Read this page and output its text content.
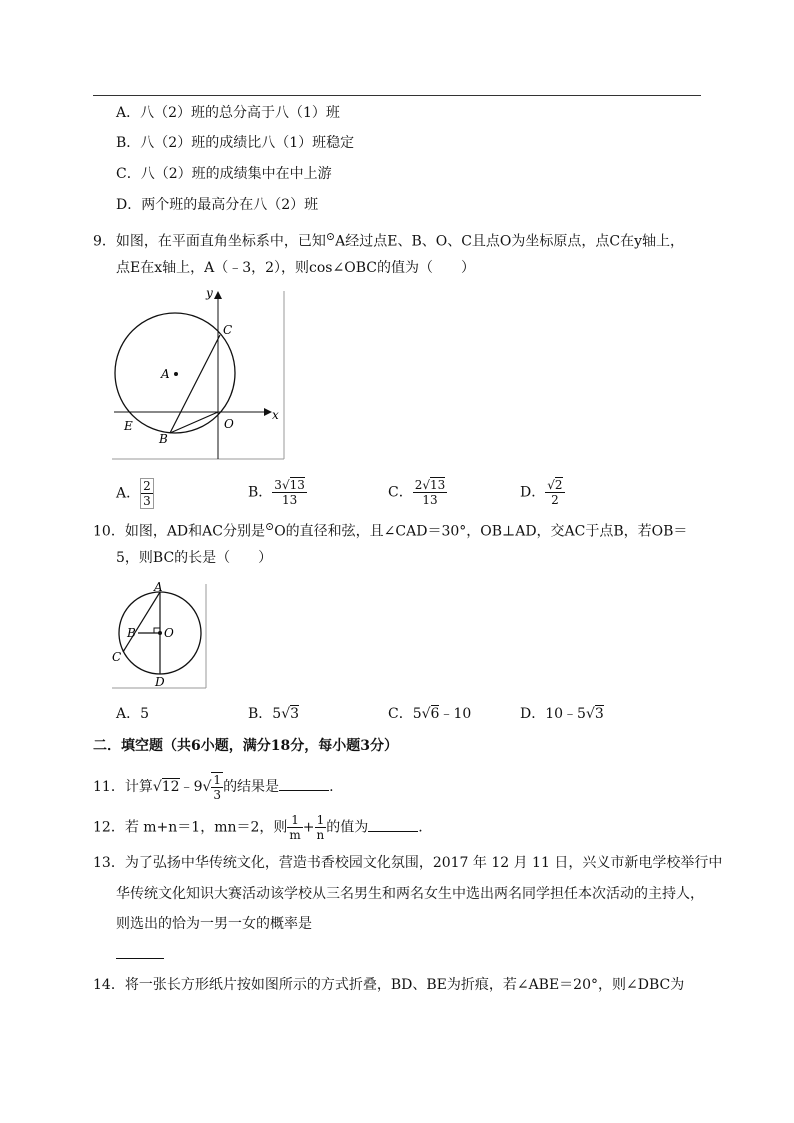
A．八（2）班的总分高于八（1）班
B．八（2）班的成绩比八（1）班稳定
C．八（2）班的成绩集中在中上游
D．两个班的最高分在八（2）班
9．如图，在平面直角坐标系中，已知⊙A经过点E、B、O、C且点O为坐标原点，点C在y轴上，
点E在x轴上，A（﹣3，2），则cos∠OBC的值为（　　）
y
x
C
A
E
B
O
A． $\frac{2}{3}$	B． $\frac{3√13}{13}$	C． $\frac{2√13}{13}$	D． $\frac{√2}{2}$
10．如图，AD和AC分别是⊙O的直径和弦，且∠CAD＝30°，OB⊥AD，交AC于点B，若OB＝
5，则BC的长是（　　）
A
B O
C
D
A．5	B．5√3	C．5√6﹣10	D．10﹣5√3
二．填空题（共6小题，满分18分，每小题3分）
11．计算√12﹣9√ $\frac{1}{3}$ 的结果是	.
12．若 m+n＝1，mn＝2，则 $\frac{1}{m} + \frac{1}{n}$ 的值为	.
13．为了弘扬中华传统文化，营造书香校园文化氛围，2017 年 12 月 11 日，兴义市新电学校举行中
华传统文化知识大赛活动该学校从三名男生和两名女生中选出两名同学担任本次活动的主持人，
则选出的恰为一男一女的概率是
14．将一张长方形纸片按如图所示的方式折叠，BD、BE为折痕，若∠ABE＝20°，则∠DBC为
